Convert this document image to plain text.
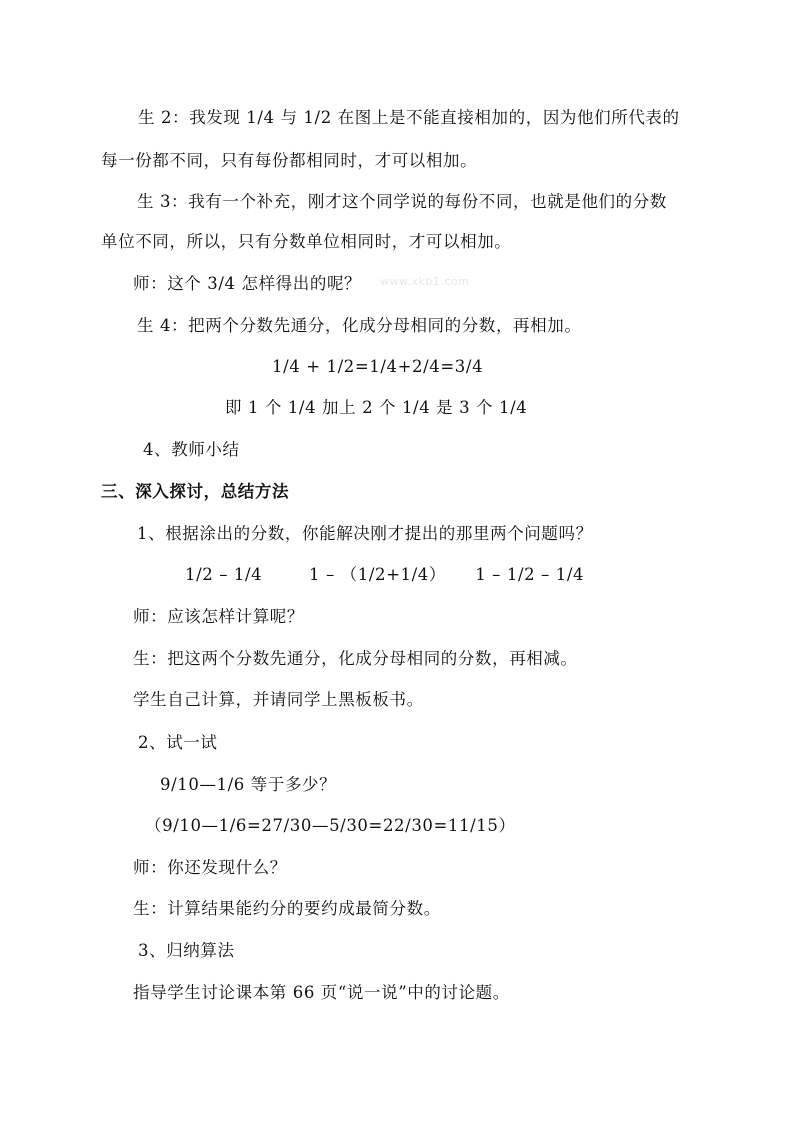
www.xkb1.com
生 2：我发现 1/4 与 1/2 在图上是不能直接相加的，因为他们所代表的
每一份都不同，只有每份都相同时，才可以相加。
生 3：我有一个补充，刚才这个同学说的每份不同，也就是他们的分数
单位不同，所以，只有分数单位相同时，才可以相加。
师：这个 3/4 怎样得出的呢？
生 4：把两个分数先通分，化成分母相同的分数，再相加。
1/4 + 1/2=1/4+2/4=3/4
即 1 个 1/4 加上 2 个 1/4 是 3 个 1/4
4、教师小结
三、深入探讨，总结方法
1、根据涂出的分数，你能解决刚才提出的那里两个问题吗？
1/2 – 1/4        1 – （1/2+1/4）     1 – 1/2 – 1/4
师：应该怎样计算呢？
生：把这两个分数先通分，化成分母相同的分数，再相减。
学生自己计算，并请同学上黑板板书。
2、试一试
9/10—1/6 等于多少？
（9/10—1/6=27/30—5/30=22/30=11/15）
师：你还发现什么？
生：计算结果能约分的要约成最简分数。
3、归纳算法
指导学生讨论课本第 66 页“说一说”中的讨论题。
